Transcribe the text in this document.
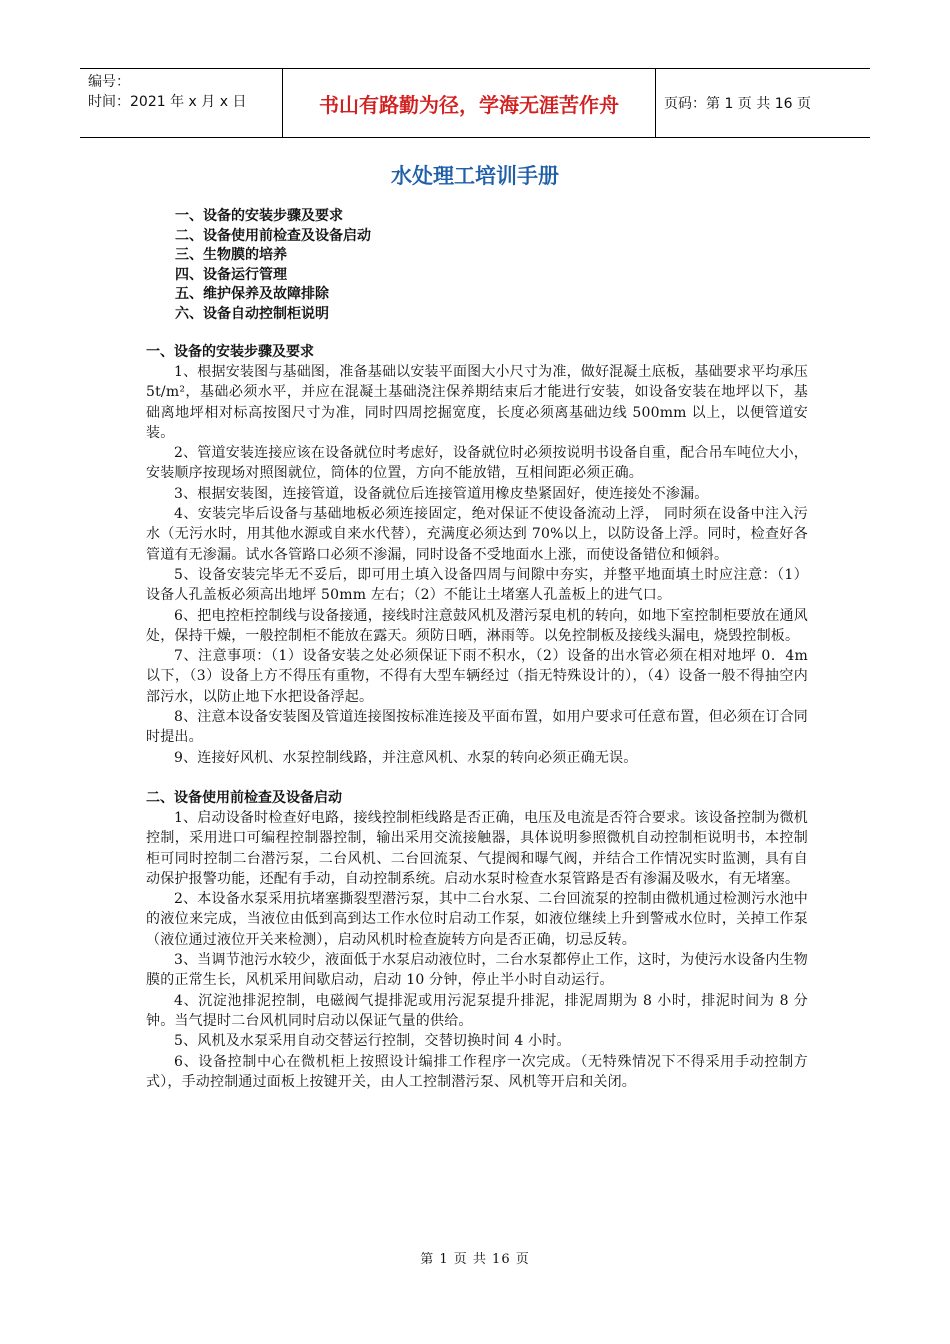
编号：
时间：2021 年 x 月 x 日	书山有路勤为径，学海无涯苦作舟	页码：第 1 页 共 16 页
水处理工培训手册
一、设备的安装步骤及要求
二、设备使用前检查及设备启动
三、生物膜的培养
四、设备运行管理
五、维护保养及故障排除
六、设备自动控制柜说明
一、设备的安装步骤及要求

1、根据安装图与基础图，准备基础以安装平面图大小尺寸为准，做好混凝土底板，基础要求平均承压 5t/m²，基础必须水平，并应在混凝土基础浇注保养期结束后才能进行安装，如设备安装在地坪以下，基础离地坪相对标高按图尺寸为准，同时四周挖掘宽度，长度必须离基础边线 500mm 以上，以便管道安装。

2、管道安装连接应该在设备就位时考虑好，设备就位时必须按说明书设备自重，配合吊车吨位大小，安装顺序按现场对照图就位，筒体的位置，方向不能放错，互相间距必须正确。

3、根据安装图，连接管道，设备就位后连接管道用橡皮垫紧固好，使连接处不渗漏。

4、安装完毕后设备与基础地板必须连接固定，绝对保证不使设备流动上浮， 同时须在设备中注入污水（无污水时，用其他水源或自来水代替），充满度必须达到 70%以上，以防设备上浮。同时，检查好各管道有无渗漏。试水各管路口必须不渗漏，同时设备不受地面水上涨，而使设备错位和倾斜。

5、设备安装完毕无不妥后，即可用土填入设备四周与间隙中夯实，并整平地面填土时应注意：（1）设备人孔盖板必须高出地坪 50mm 左右；（2）不能让土堵塞人孔盖板上的进气口。

6、把电控柜控制线与设备接通，接线时注意鼓风机及潜污泵电机的转向，如地下室控制柜要放在通风处，保持干燥，一般控制柜不能放在露天。须防日晒，淋雨等。以免控制板及接线头漏电，烧毁控制板。

7、注意事项：（1）设备安装之处必须保证下雨不积水，（2）设备的出水管必须在相对地坪 0．4m 以下，（3）设备上方不得压有重物，不得有大型车辆经过（指无特殊设计的），（4）设备一般不得抽空内部污水，以防止地下水把设备浮起。

8、注意本设备安装图及管道连接图按标准连接及平面布置，如用户要求可任意布置，但必须在订合同时提出。

9、连接好风机、水泵控制线路，并注意风机、水泵的转向必须正确无误。

二、设备使用前检查及设备启动

1、启动设备时检查好电路，接线控制柜线路是否正确，电压及电流是否符合要求。该设备控制为微机控制，采用进口可编程控制器控制，输出采用交流接触器，具体说明参照微机自动控制柜说明书，本控制柜可同时控制二台潜污泵，二台风机、二台回流泵、气提阀和曝气阀，并结合工作情况实时监测，具有自动保护报警功能，还配有手动，自动控制系统。启动水泵时检查水泵管路是否有渗漏及吸水，有无堵塞。

2、本设备水泵采用抗堵塞撕裂型潜污泵，其中二台水泵、二台回流泵的控制由微机通过检测污水池中的液位来完成，当液位由低到高到达工作水位时启动工作泵，如液位继续上升到警戒水位时，关掉工作泵（液位通过液位开关来检测），启动风机时检查旋转方向是否正确，切忌反转。

3、当调节池污水较少，液面低于水泵启动液位时，二台水泵都停止工作，这时，为使污水设备内生物膜的正常生长，风机采用间歇启动，启动 10 分钟，停止半小时自动运行。

4、沉淀池排泥控制，电磁阀气提排泥或用污泥泵提升排泥，排泥周期为 8 小时，排泥时间为 8 分钟。当气提时二台风机同时启动以保证气量的供给。

5、风机及水泵采用自动交替运行控制，交替切换时间 4 小时。

6、设备控制中心在微机柜上按照设计编排工作程序一次完成。（无特殊情况下不得采用手动控制方式），手动控制通过面板上按键开关，由人工控制潜污泵、风机等开启和关闭。

第 1 页 共 16 页
